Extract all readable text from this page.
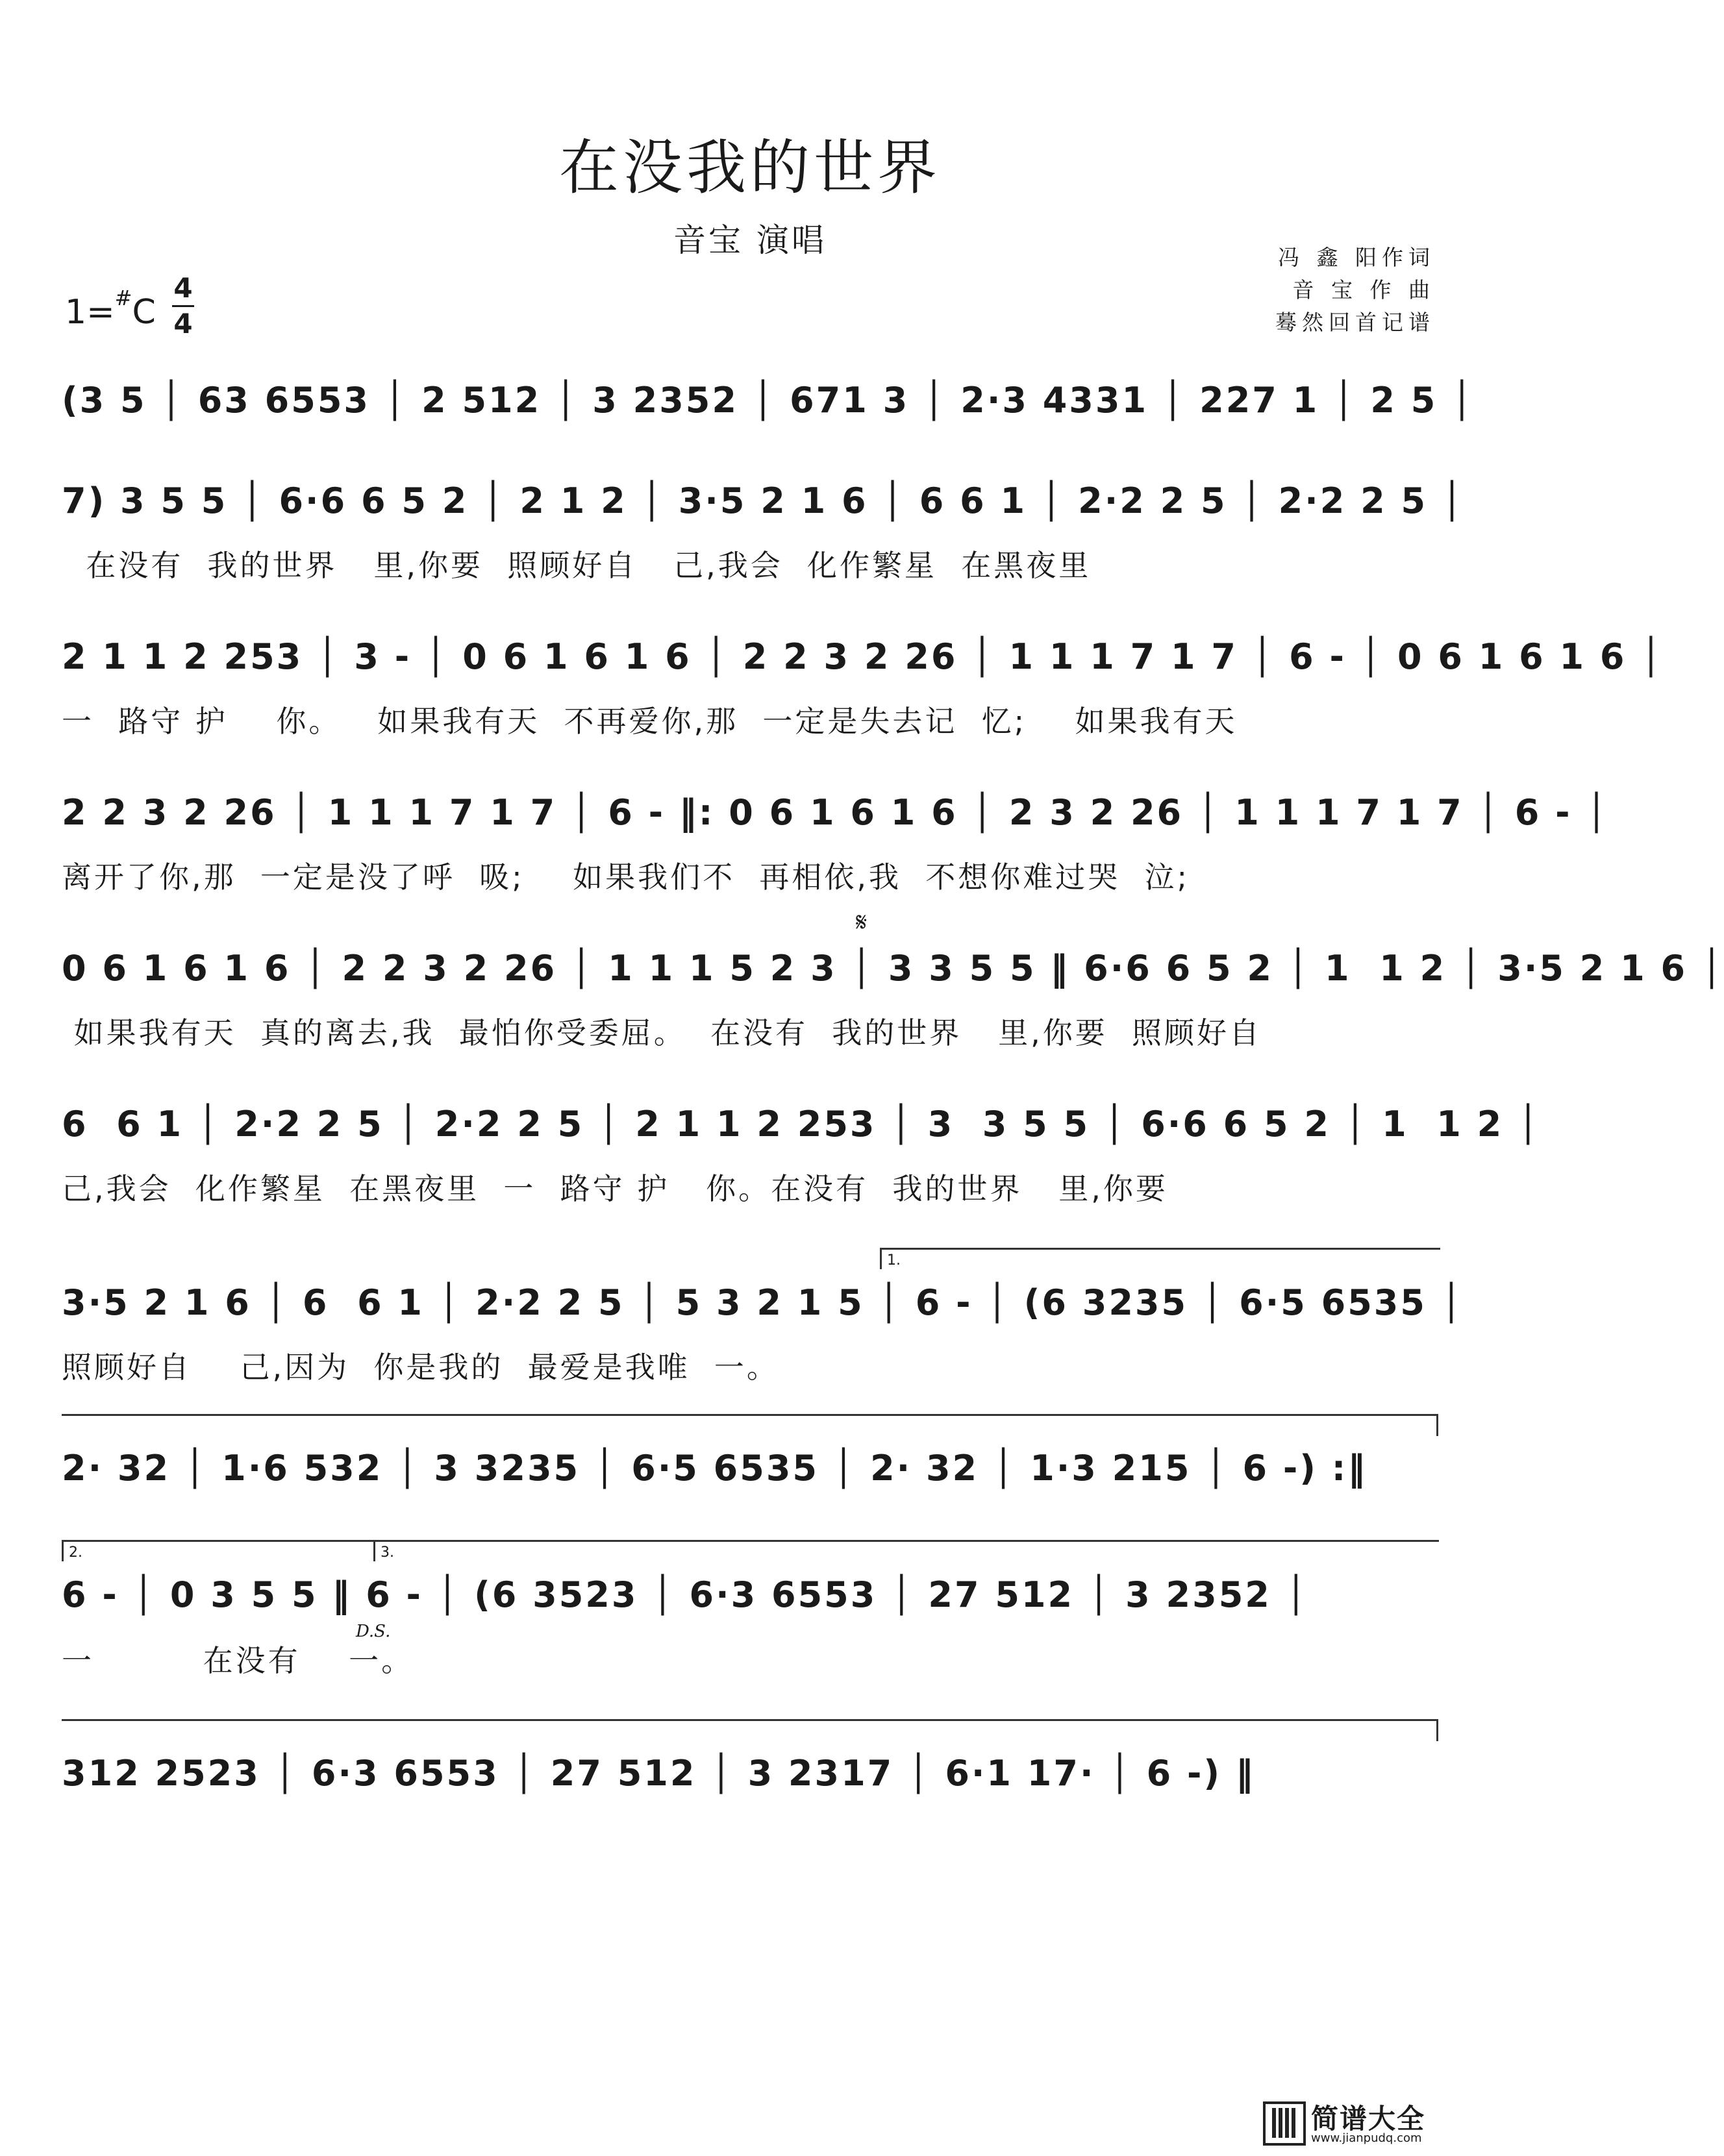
在没我的世界
音宝 演唱	冯 鑫 阳作词
音 宝 作 曲
蓦然回首记谱
1=#C
4
4
(3 5 │ 63 6553 │ 2 512 │ 3 2352 │ 671 3 │ 2·3 4331 │ 227 1 │ 2 5 │
7) 3 5 5 │ 6·6 6 5 2 │ 2 1 2 │ 3·5 2 1 6 │ 6 6 1 │ 2·2 2 5 │ 2·2 2 5 │
在没有  我的世界   里,你要  照顾好自   己,我会  化作繁星  在黑夜里
2 1 1 2 253 │ 3 - │ 0 6 1 6 1 6 │ 2 2 3 2 26 │ 1 1 1 7 1 7 │ 6 - │ 0 6 1 6 1 6 │
一  路守 护    你。   如果我有天  不再爱你,那  一定是失去记  忆;    如果我有天
2 2 3 2 26 │ 1 1 1 7 1 7 │ 6 - ‖: 0 6 1 6 1 6 │ 2 3 2 26 │ 1 1 1 7 1 7 │ 6 - │
离开了你,那  一定是没了呼  吸;    如果我们不  再相依,我  不想你难过哭  泣;
𝄋
0 6 1 6 1 6 │ 2 2 3 2 26 │ 1 1 1 5 2 3 │ 3 3 5 5 ‖ 6·6 6 5 2 │ 1  1 2 │ 3·5 2 1 6 │
如果我有天  真的离去,我  最怕你受委屈。  在没有  我的世界   里,你要  照顾好自
6  6 1 │ 2·2 2 5 │ 2·2 2 5 │ 2 1 1 2 253 │ 3  3 5 5 │ 6·6 6 5 2 │ 1  1 2 │
己,我会  化作繁星  在黑夜里  一  路守 护   你。在没有  我的世界   里,你要
1.
3·5 2 1 6 │ 6  6 1 │ 2·2 2 5 │ 5 3 2 1 5 │ 6 - │ (6 3235 │ 6·5 6535 │
照顾好自    己,因为  你是我的  最爱是我唯  一。
2· 32 │ 1·6 532 │ 3 3235 │ 6·5 6535 │ 2· 32 │ 1·3 215 │ 6 -) :‖
2.	3.
6 - │ 0 3 5 5 ‖ 6 - │ (6 3523 │ 6·3 6553 │ 27 512 │ 3 2352 │
D.S.
一         在没有    一。
312 2523 │ 6·3 6553 │ 27 512 │ 3 2317 │ 6·1 17· │ 6 -) ‖
简谱大全
www.jianpudq.com
